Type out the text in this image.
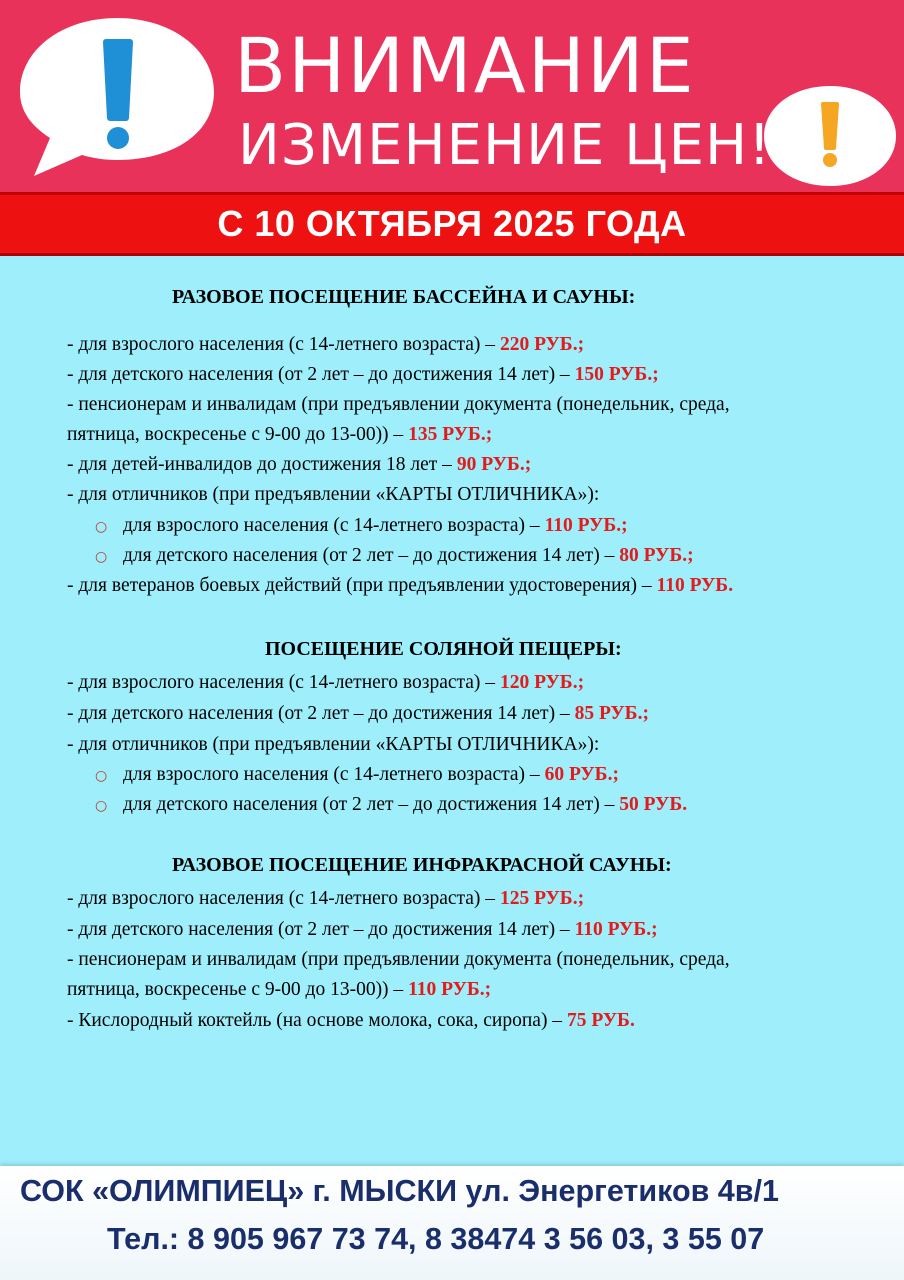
ВНИМАНИЕ
ИЗМЕНЕНИЕ ЦЕН!
С 10 ОКТЯБРЯ 2025 ГОДА
РАЗОВОЕ ПОСЕЩЕНИЕ БАССЕЙНА И САУНЫ:
- для взрослого населения (с 14-летнего возраста) – 220 РУБ.;
- для детского населения (от 2 лет – до достижения 14 лет) – 150 РУБ.;
- пенсионерам и инвалидам (при предъявлении документа (понедельник, среда,
пятница, воскресенье с 9-00 до 13-00)) – 135 РУБ.;
- для детей-инвалидов до достижения 18 лет – 90 РУБ.;
- для отличников (при предъявлении «КАРТЫ ОТЛИЧНИКА»):
○ для взрослого населения (с 14-летнего возраста) – 110 РУБ.;
○ для детского населения (от 2 лет – до достижения 14 лет) – 80 РУБ.;
- для ветеранов боевых действий (при предъявлении удостоверения) – 110 РУБ.
ПОСЕЩЕНИЕ СОЛЯНОЙ ПЕЩЕРЫ:
- для взрослого населения (с 14-летнего возраста) – 120 РУБ.;
- для детского населения (от 2 лет – до достижения 14 лет) – 85 РУБ.;
- для отличников (при предъявлении «КАРТЫ ОТЛИЧНИКА»):
○ для взрослого населения (с 14-летнего возраста) – 60 РУБ.;
○ для детского населения (от 2 лет – до достижения 14 лет) – 50 РУБ.
РАЗОВОЕ ПОСЕЩЕНИЕ ИНФРАКРАСНОЙ САУНЫ:
- для взрослого населения (с 14-летнего возраста) – 125 РУБ.;
- для детского населения (от 2 лет – до достижения 14 лет) – 110 РУБ.;
- пенсионерам и инвалидам (при предъявлении документа (понедельник, среда,
пятница, воскресенье с 9-00 до 13-00)) – 110 РУБ.;
- Кислородный коктейль (на основе молока, сока, сиропа) – 75 РУБ.
СОК «ОЛИМПИЕЦ» г. МЫСКИ ул. Энергетиков 4в/1
Тел.: 8 905 967 73 74, 8 38474 3 56 03, 3 55 07
